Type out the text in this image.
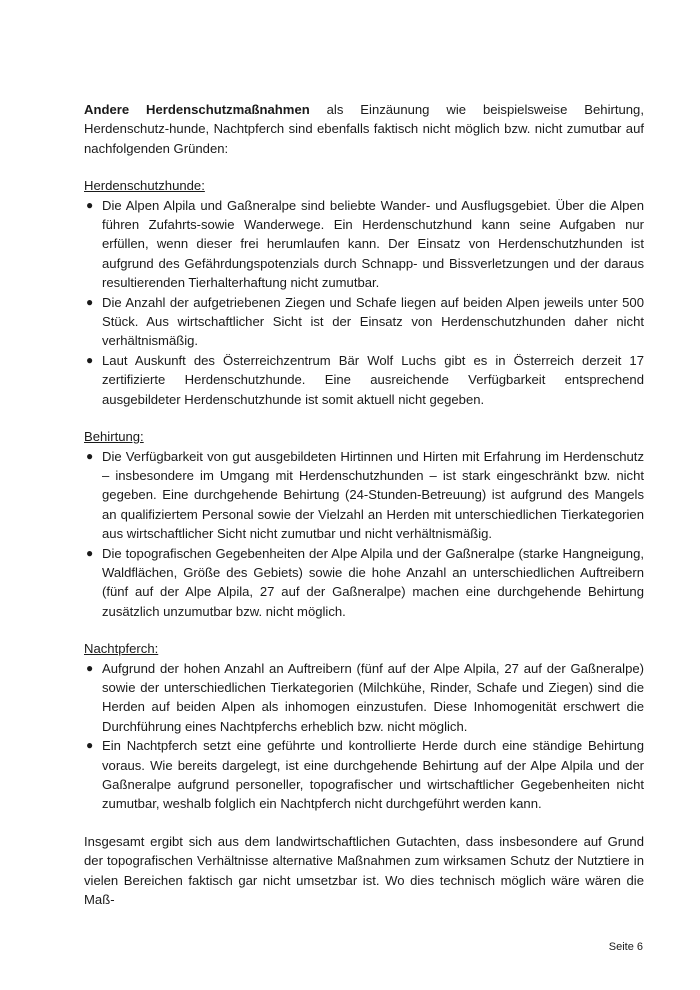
Andere Herdenschutzmaßnahmen als Einzäunung wie beispielsweise Behirtung, Herdenschutz-hunde, Nachtpferch sind ebenfalls faktisch nicht möglich bzw. nicht zumutbar auf nachfolgenden Gründen:

Herdenschutzhunde:

● Die Alpen Alpila und Gaßneralpe sind beliebte Wander- und Ausflugsgebiet. Über die Alpen führen Zufahrts-sowie Wanderwege. Ein Herdenschutzhund kann seine Aufgaben nur erfüllen, wenn dieser frei herumlaufen kann. Der Einsatz von Herdenschutzhunden ist aufgrund des Gefährdungspotenzials durch Schnapp- und Bissverletzungen und der daraus resultierenden Tierhalterhaftung nicht zumutbar.
● Die Anzahl der aufgetriebenen Ziegen und Schafe liegen auf beiden Alpen jeweils unter 500 Stück. Aus wirtschaftlicher Sicht ist der Einsatz von Herdenschutzhunden daher nicht verhältnismäßig.
● Laut Auskunft des Österreichzentrum Bär Wolf Luchs gibt es in Österreich derzeit 17 zertifizierte Herdenschutzhunde. Eine ausreichende Verfügbarkeit entsprechend ausgebildeter Herdenschutzhunde ist somit aktuell nicht gegeben.

Behirtung:

● Die Verfügbarkeit von gut ausgebildeten Hirtinnen und Hirten mit Erfahrung im Herdenschutz – insbesondere im Umgang mit Herdenschutzhunden – ist stark eingeschränkt bzw. nicht gegeben. Eine durchgehende Behirtung (24-Stunden-Betreuung) ist aufgrund des Mangels an qualifiziertem Personal sowie der Vielzahl an Herden mit unterschiedlichen Tierkategorien aus wirtschaftlicher Sicht nicht zumutbar und nicht verhältnismäßig.
● Die topografischen Gegebenheiten der Alpe Alpila und der Gaßneralpe (starke Hangneigung, Waldflächen, Größe des Gebiets) sowie die hohe Anzahl an unterschiedlichen Auftreibern (fünf auf der Alpe Alpila, 27 auf der Gaßneralpe) machen eine durchgehende Behirtung zusätzlich unzumutbar bzw. nicht möglich.

Nachtpferch:

● Aufgrund der hohen Anzahl an Auftreibern (fünf auf der Alpe Alpila, 27 auf der Gaßneralpe) sowie der unterschiedlichen Tierkategorien (Milchkühe, Rinder, Schafe und Ziegen) sind die Herden auf beiden Alpen als inhomogen einzustufen. Diese Inhomogenität erschwert die Durchführung eines Nachtpferchs erheblich bzw. nicht möglich.
● Ein Nachtpferch setzt eine geführte und kontrollierte Herde durch eine ständige Behirtung voraus. Wie bereits dargelegt, ist eine durchgehende Behirtung auf der Alpe Alpila und der Gaßneralpe aufgrund personeller, topografischer und wirtschaftlicher Gegebenheiten nicht zumutbar, weshalb folglich ein Nachtpferch nicht durchgeführt werden kann.

Insgesamt ergibt sich aus dem landwirtschaftlichen Gutachten, dass insbesondere auf Grund der topografischen Verhältnisse alternative Maßnahmen zum wirksamen Schutz der Nutztiere in vielen Bereichen faktisch gar nicht umsetzbar ist. Wo dies technisch möglich wäre wären die Maß-

Seite 6
